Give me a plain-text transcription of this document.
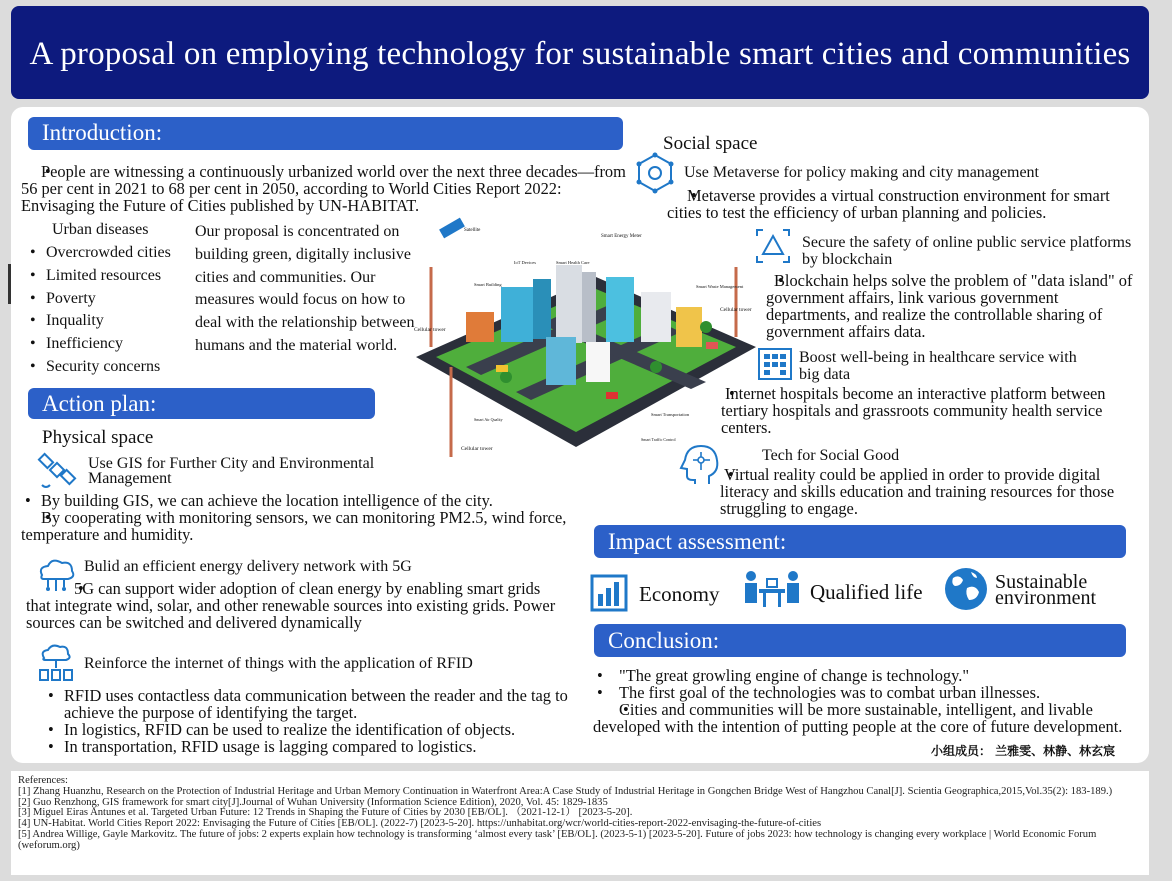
A proposal on employing technology for sustainable smart cities and communities
Introduction:
• People are witnessing a continuously urbanized world over the next three decades—from 56 per cent in 2021 to 68 per cent in 2050, according to World Cities Report 2022: Envisaging the Future of Cities published by UN-HABITAT.
Urban diseases
• Overcrowded cities
• Limited resources
• Poverty
• Inquality
• Inefficiency
• Security concerns
Our proposal is concentrated on building green, digitally inclusive cities and communities. Our measures would focus on how to deal with the relationship between humans and the material world.
Satellite
Smart Energy Meter
IoT Devices	Smart Health Care
Smart Building	Smart Waste Management
Cellular tower
Cellular tower
Cellular tower
Smart Transportation
Smart Air Quality
Smart Traffic Control
Action plan:
Physical space
Use GIS for Further City and Environmental Management
• By building GIS, we can achieve the location intelligence of the city.
• By cooperating with monitoring sensors, we can monitoring PM2.5, wind force, temperature and humidity.
Bulid an efficient energy delivery network with 5G
• 5G can support wider adoption of clean energy by enabling smart grids that integrate wind, solar, and other renewable sources into existing grids. Power sources can be switched and delivered dynamically
Reinforce the internet of things with the application of RFID
• RFID uses contactless data communication between the reader and the tag to achieve the purpose of identifying the target.
• In logistics, RFID can be used to realize the identification of objects.
• In transportation, RFID usage is lagging compared to logistics.
Social space
Use Metaverse for policy making and city management
• Metaverse provides a virtual construction environment for smart cities to test the efficiency of urban planning and policies.
Secure the safety of online public service platforms by blockchain
• Blockchain helps solve the problem of "data island" of government affairs, link various government departments, and realize the controllable sharing of government affairs data.
Boost well-being in healthcare service with big data
• Internet hospitals become an interactive platform between tertiary hospitals and grassroots community health service centers.
Tech for Social Good
• Virtual reality could be applied in order to provide digital literacy and skills education and training resources for those struggling to engage.
Impact assessment:
Economy	Qualified life	Sustainable environment
Conclusion:
• "The great growling engine of change is technology."
• The first goal of the technologies was to combat urban illnesses.
• Cities and communities will be more sustainable, intelligent, and livable developed with the intention of putting people at the core of future development.
小组成员： 兰雅雯、林静、林玄宸
References:
[1] Zhang Huanzhu, Research on the Protection of Industrial Heritage and Urban Memory Continuation in Waterfront Area:A Case Study of Industrial Heritage in Gongchen Bridge West of Hangzhou Canal[J]. Scientia Geographica,2015,Vol.35(2): 183-189.)
[2] Guo Renzhong, GIS framework for smart city[J].Journal of Wuhan University (Information Science Edition), 2020, Vol. 45: 1829-1835
[3] Miguel Eiras Antunes et al. Targeted Urban Future: 12 Trends in Shaping the Future of Cities by 2030 [EB/OL]. （2021-12-1） [2023-5-20].
[4] UN-Habitat. World Cities Report 2022: Envisaging the Future of Cities [EB/OL]. (2022-7) [2023-5-20]. https://unhabitat.org/wcr/world-cities-report-2022-envisaging-the-future-of-cities
[5] Andrea Willige, Gayle Markovitz. The future of jobs: 2 experts explain how technology is transforming ‘almost every task’ [EB/OL]. (2023-5-1) [2023-5-20]. Future of jobs 2023: how technology is changing every workplace | World Economic Forum (weforum.org)
